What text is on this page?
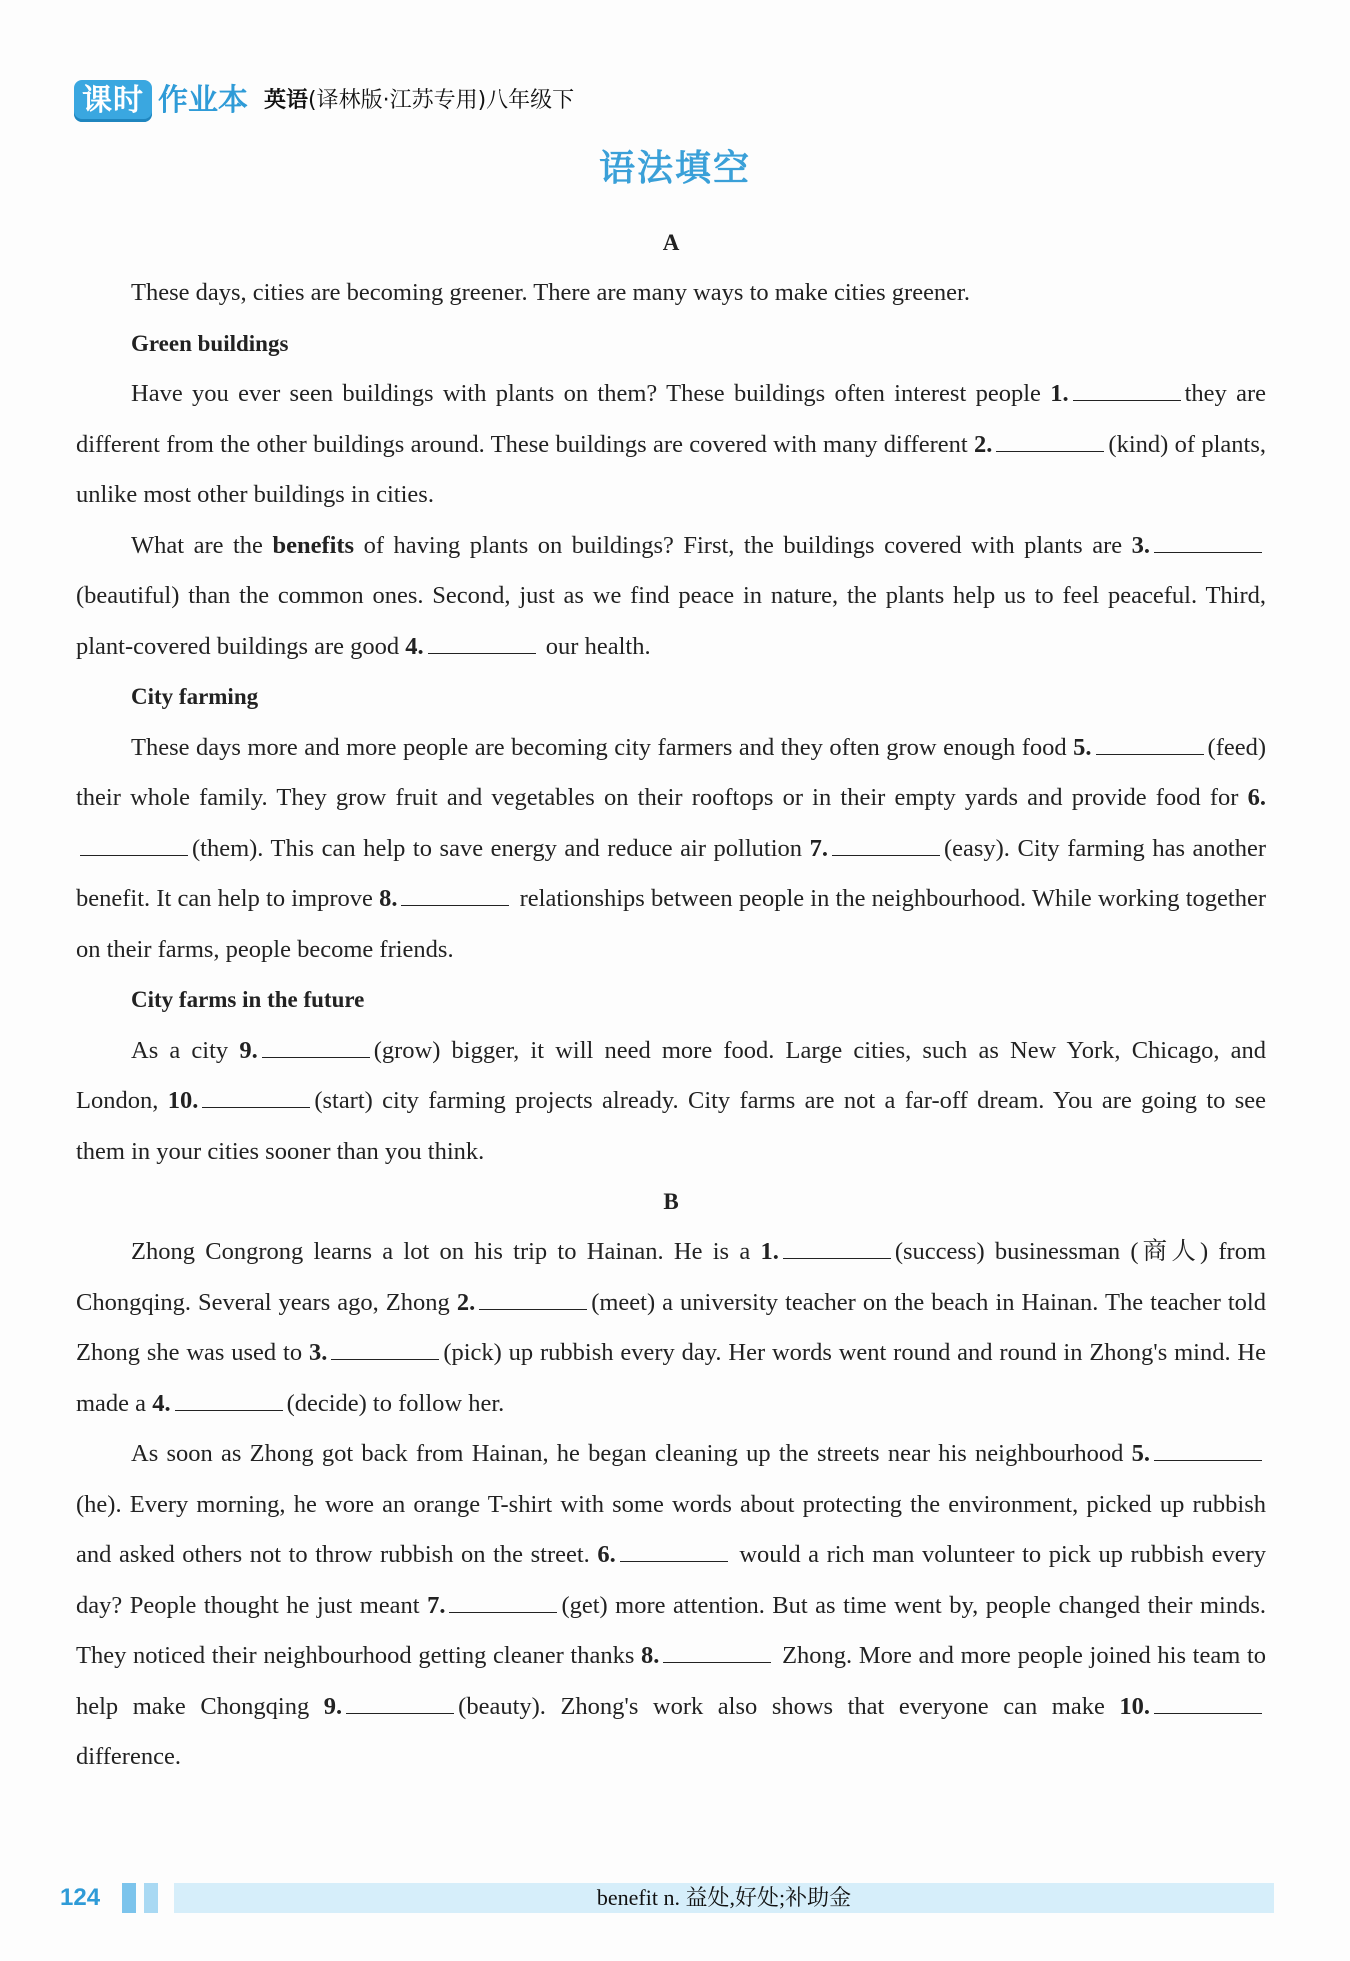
课时 作业本 英语(译林版·江苏专用)八年级下
语法填空
A

These days, cities are becoming greener. There are many ways to make cities greener.

Green buildings

Have you ever seen buildings with plants on them? These buildings often interest people 1.	they are different from the other buildings around. These buildings are covered with many different 2.	(kind) of plants, unlike most other buildings in cities.

What are the benefits of having plants on buildings? First, the buildings covered with plants are 3.(beautiful) than the common ones. Second, just as we find peace in nature, the plants help us to feel peaceful. Third, plant-covered buildings are good 4.	our health.

City farming

These days more and more people are becoming city farmers and they often grow enough food 5.	(feed) their whole family. They grow fruit and vegetables on their rooftops or in their empty yards and provide food for 6.(them). This can help to save energy and reduce air pollution 7.	(easy). City farming has another benefit. It can help to improve 8.	relationships between people in the neighbourhood. While working together on their farms, people become friends.

City farms in the future

As a city 9.	(grow) bigger, it will need more food. Large cities, such as New York, Chicago, and London, 10.	(start) city farming projects already. City farms are not a far-off dream. You are going to see them in your cities sooner than you think.

B

Zhong Congrong learns a lot on his trip to Hainan. He is a 1.	(success) businessman (商人) from Chongqing. Several years ago, Zhong 2.	(meet) a university teacher on the beach in Hainan. The teacher told Zhong she was used to 3.	(pick) up rubbish every day. Her words went round and round in Zhong's mind. He made a 4.	(decide) to follow her.

As soon as Zhong got back from Hainan, he began cleaning up the streets near his neighbourhood 5.(he). Every morning, he wore an orange T-shirt with some words about protecting the environment, picked up rubbish and asked others not to throw rubbish on the street. 6.	would a rich man volunteer to pick up rubbish every day? People thought he just meant 7.	(get) more attention. But as time went by, people changed their minds. They noticed their neighbourhood getting cleaner thanks 8.	Zhong. More and more people joined his team to help make Chongqing 9.	(beauty). Zhong's work also shows that everyone can make 10. difference.

124	benefit n. 益处,好处;补助金
